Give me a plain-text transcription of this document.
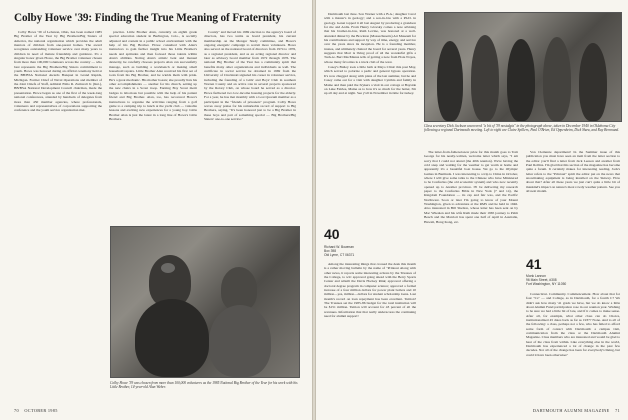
Colby Howe '39: Finding the True Meaning of Fraternity

Colby Howe '39 of Lebanon, Ohio, has been named 1985 Big Brother of the Year by Big Brothers/Big Sisters of America, the national organization which provides the adult mentors of children from one-parent homes. The award recognizes outstanding volunteer service over many years to children in need of mature friendship and guidance. It's a singular honor given Howe, the Big Brother volunteer chosen from more than 100,000 volunteers across the country — who best represents the Big Brothers/Big Sisters commitment to youth. Howe was honored during an official ceremony held at the BB/BSA National Awards Banquet in Grand Rapids, Michigan. Former Chief of Naval Operations and member of the Joint Chiefs of Staff, Admiral Elmo R. Zumwalt Jr. (Ret.), BB/BSA National Development Council chairman, made the presentation. Howe began as one of the first of the week-long national conferences, attended by hundreds of delegates from more than 450 member agencies, where professionals, volunteers and representatives of corporations supporting the conference and the youth service organization met.

practice. Little Brother Alan, currently an eighth grade special education student in Burlington, Colo., is socially adjusted and content in a public school environment with the help of his Big Brother. Howe consulted with Alan's instructors to gain further insight into his Little Brother's needs and aptitudes and then focused those talents within Alan's abilities. Noting Alan's artistic bent and manual dexterity, he carefully chooses projects Alan can successfully manage, such as building a workbench or making small household repairs. Little Brother Alan received his first set of tools from his Big Brother, and he wields them with pride. He's a great mechanic. His mother boasts; she proudly lists his other accomplishments — another for his church, setting up the new chairs in a Scout troop. Earning Boy Scout merit badges is laborious but possible with the help of his patient friend and Big Brother. Alan, too, has recovered Howe's instructions to organize the activities ranging from a golf game to a camping trip to lunch at the yacht club — valuable lessons and exciting new experiences for a young boy. Little Brother Alan is just the latest in a long line of Howe's Little Brothers.

County" and moved his 1969 election to the agency's board of directors, has two terms as board president, his current membership on the Menger Study committee, and Howe's ongoing energetic campaign to recruit more volunteers. Howe also served on the national board of directors from 1974 to 1976, as a regional president, and as an acting regional director and later as advisory board member from 1972 through 1976. The national Big Brother of the Year has a community spirit that benefits many other organizations and individuals as well. The certificate in social service he obtained in 1969 from the University of Cincinnati signaled his career in volunteer service, including the founding of a Girls' and Boys' Club in southern Warren County and an active role in several projects sponsored by the Rotary Club, on whose board he served as a director. Howe furthered two low-income housing projects for the elderly. For a year, he has met monthly with a Lost Quorum member as a participant in the "friends of prisoners" program. Colby Howe waves away praise for his remarkable record of support to Big Brothers, saying, "It's been honored just to be a Big Brother in these boys and part of something special — Big Brothers/Big Sisters' one-to-one service."

Colby Howe '39 was chosen from more than 100,000 volunteers as the 1985 National Big Brother of the Year for his work with his Little Brother, 14-year-old Alan Weber.
70 OCTOBER 1985

Dartmouth last June. Son Warner with a B.A.; daughter Carol with a master's in geology; and a son-in-law with a Ph.D. in geology. Genet topped it all last August by producing a grandson for me and Ardis. From Henry Glovsky comes a note advising that his brother-in-law, Ruth Levine, was honored at a well-attended dinner by the Brockton (Massachusetts) Art Museum for his contributions and support by way of time, energy, and service over the years since its inception. He is a founding member, trustee, and ultimately chaired the board for several years. Henry suggests that Mort is living proof of all the wonderful gifts a Tuck-ie. Bert MacManus tells of getting a note from Elsie Noyes, whose many favorites is a truck club of the west.

Casey's Bailey took a little bath at Mayo Clinic this past May, which served to polarize a pedic and general bypass operation. It's now chugged along with plans of the last summer, but he and Casey came out for a visit with daughter Cynthia and family in Maine and then paid the Ivykers a visit in our cottage at Bayside on Lake Fairlee, Maine as to how it's so much for the better, I'm up all day and at night. See y'all in November in time for turkey.

40
Richard W. Bowman
Box 398
Old Lyme, CT 06371

Among the interesting things that crossed the desk this month is a rather moving bulletin by the name of "Printout Along with other news, it reports some interesting actions by the Trustees of the College, to wit: approved going ahead with the Berry Sports Center and rebuilt the Davis Hockey Rink; approved offering a doctoral degree program in computer science; approved a formal increase of a four million dollars for power plant boilers and 10 million—yes, million—dollars for student scholarship loans. Last month's record on loan repayment has been excellent. Tuition? The Trustees set the 1985-86 budget for the total institution will be $151 million. Tuition will account for 43 percent of all the revenues. Information that that really underscores the continuing need for alumni support!

Class secretary Dick Jackson uncovered "a bit of '39 nostalgia" in the photograph above, taken in December 1940 in Oklahoma City following a regional Dartmouth meeting. Left to right are Claire Spillers, Paul O'Brien, Ed Oppenheim, Dick Shaw, and Ray Brennand.

The letter-from-fathered-new prize for this month goes to Tom George for his neatly-written, welcome letter which says, "I am sorry that I could not attend (the 40th reunion). We're having the cold snap and waiting for the weather to get warm at home and apparently it's a beautiful boat house. We go to the Olympic Games in Bermuda. I was interesting to a trip to China in October, where I will give some talks to the Chinese who have Ministered to be Confucius (the old economic system) and who now recently opened up to Another province. I'll be delivering my research paper to the Confucius Bible in New York (7 and 14), the Kingdom Foundation — its cap and fair was, and the Pacific Northwest. Soon or later I'm going to know of your Mount Washington, given to adventure at the RMS and he held in 1946. Also interested in Bill Shelton, whose letter has been sent on by Mac Whealen and his wife Ruth made their 1965 journey to Palm Beach and the Marriott has spent one half of April in Australia, Hawaii, Hong Kong, etc.

Von Clemente department! In the Summer issue of this publication you must have seen an item from the letter section to the editor you'll find a letter from Jack Leeson and another from Paul Rollins. I'm glad that this section of the magazine has become quite a forum. It certainly makes for interesting reading. Jack's letter refers to the "Printout" spirit the editor put on the news that snowmaking equipment is being installed on the Skiway. How about that? After all these years we just can't quite a little bit of mankind's impact on nature's most rowdy weather pattern. See you all next month.

41
Monk Lannon
96 Main Street, #308
Fort Washington, NY 11050

Connecticut. Community. Commencement. How about that for four "Cs" — and College, as in Dartmouth, for a fourth C? We didn't ask how many '41 grads we have, but we do know a little about Alumni Fund participation rose in our reunion year. Wishing to be sure we had a little bit of late, and if it comes to make sense. After all, for example, what other class can do Choice, institutionalized 45 dates back as far as 1937? None. And to all of the following: a class, perhaps not a few, who has failed to afford some form of contact with Dartmouth: a campus visit, communication from the class or the Dartmouth Alumni Magazine. Class members who are interested and would be glad to hear of the class from within. Like everything else in the world, Dartmouth has experienced a lot of change in the past few decades. Not all of the change has been for everybody's liking, but could it have been otherwise?

DARTMOUTH ALUMNI MAGAZINE 71
